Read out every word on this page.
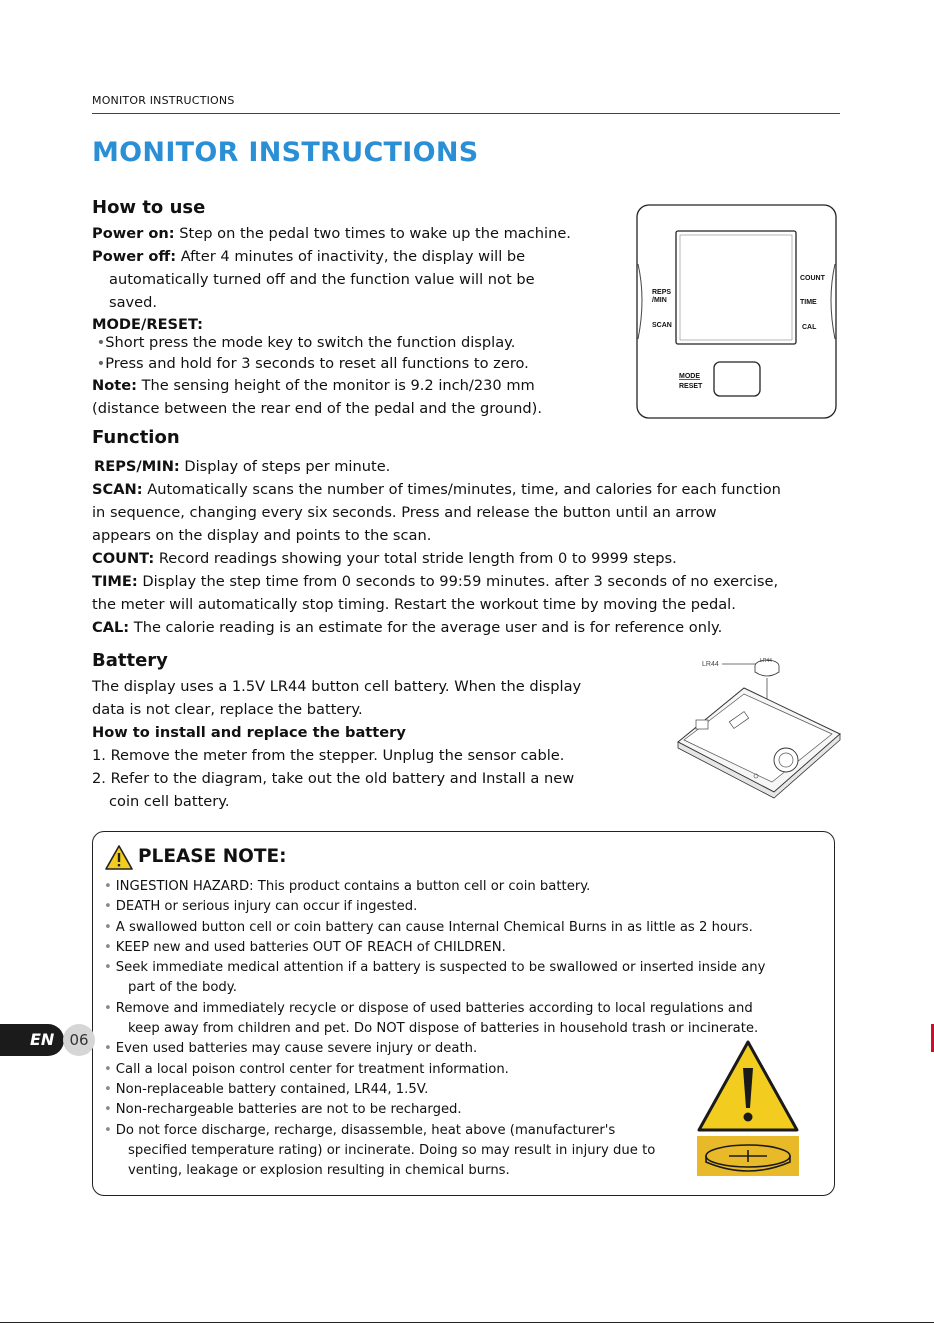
MONITOR INSTRUCTIONS
MONITOR INSTRUCTIONS
How to use
Power on: Step on the pedal two times to wake up the machine.
Power off: After 4 minutes of inactivity, the display will be
automatically turned off and the function value will not be
saved.
MODE/RESET:
•Short press the mode key to switch the function display.
•Press and hold for 3 seconds to reset all functions to zero.
Note: The sensing height of the monitor is 9.2 inch/230 mm
(distance between the rear end of the pedal and the ground).
REPS
/MIN
SCAN
COUNT
TIME
CAL
MODE
RESET
Function
REPS/MIN: Display of steps per minute.
SCAN: Automatically scans the number of times/minutes, time, and calories for each function
in sequence, changing every six seconds. Press and release the button until an arrow
appears on the display and points to the scan.
COUNT: Record readings showing your total stride length from 0 to 9999 steps.
TIME: Display the step time from 0 seconds to 99:59 minutes. after 3 seconds of no exercise,
the meter will automatically stop timing. Restart the workout time by moving the pedal.
CAL: The calorie reading is an estimate for the average user and is for reference only.
Battery
The display uses a 1.5V LR44 button cell battery. When the display
data is not clear, replace the battery.
How to install and replace the battery
1. Remove the meter from the stepper. Unplug the sensor cable.
2. Refer to the diagram, take out the old battery and Install a new
coin cell battery.
LR44	LR44
PLEASE NOTE:
• INGESTION HAZARD: This product contains a button cell or coin battery.
• DEATH or serious injury can occur if ingested.
• A swallowed button cell or coin battery can cause Internal Chemical Burns in as little as 2 hours.
• KEEP new and used batteries OUT OF REACH of CHILDREN.
• Seek immediate medical attention if a battery is suspected to be swallowed or inserted inside any
part of the body.
• Remove and immediately recycle or dispose of used batteries according to local regulations and
keep away from children and pet. Do NOT dispose of batteries in household trash or incinerate.
• Even used batteries may cause severe injury or death.
• Call a local poison control center for treatment information.
• Non-replaceable battery contained, LR44, 1.5V.
• Non-rechargeable batteries are not to be recharged.
• Do not force discharge, recharge, disassemble, heat above (manufacturer's
specified temperature rating) or incinerate. Doing so may result in injury due to
venting, leakage or explosion resulting in chemical burns.
EN	06
